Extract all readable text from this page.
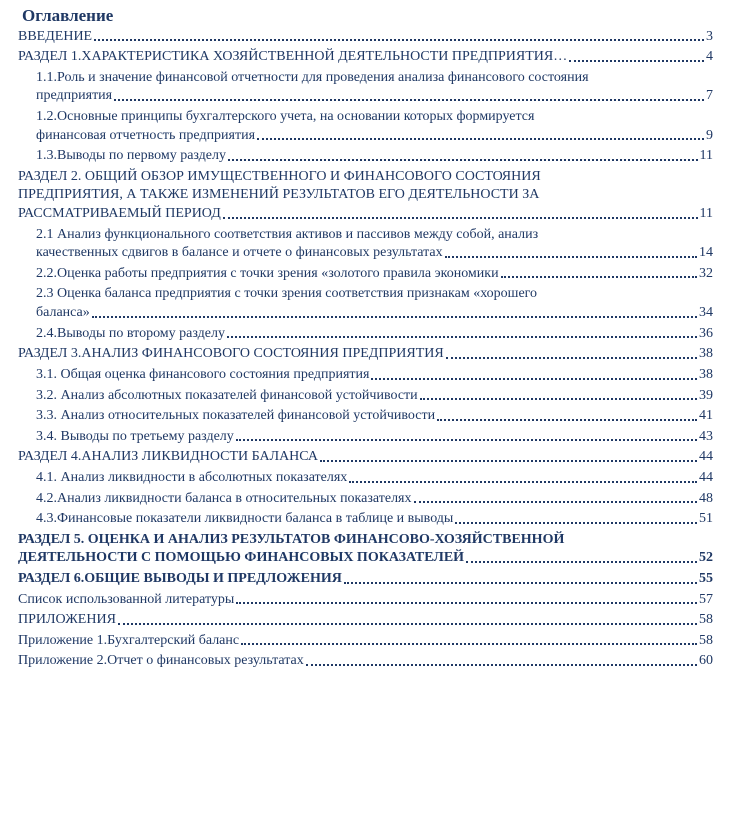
Оглавление
ВВЕДЕНИЕ	3
РАЗДЕЛ 1.ХАРАКТЕРИСТИКА ХОЗЯЙСТВЕННОЙ ДЕЯТЕЛЬНОСТИ ПРЕДПРИЯТИЯ…	4
1.1.Роль и значение финансовой отчетности для проведения анализа финансового состояния
предприятия	7
1.2.Основные принципы бухгалтерского учета, на основании которых формируется
финансовая отчетность предприятия	9
1.3.Выводы по первому разделу	11
РАЗДЕЛ 2. ОБЩИЙ ОБЗОР ИМУЩЕСТВЕННОГО И ФИНАНСОВОГО СОСТОЯНИЯ
ПРЕДПРИЯТИЯ, А ТАКЖЕ ИЗМЕНЕНИЙ РЕЗУЛЬТАТОВ ЕГО ДЕЯТЕЛЬНОСТИ ЗА
РАССМАТРИВАЕМЫЙ ПЕРИОД	11
2.1 Анализ функционального соответствия активов и пассивов между собой, анализ
качественных сдвигов в балансе и отчете о финансовых результатах	14
2.2.Оценка работы предприятия с точки зрения «золотого правила экономики	32
2.3 Оценка баланса предприятия с точки зрения соответствия признакам «хорошего
баланса»	34
2.4.Выводы по второму разделу	36
РАЗДЕЛ 3.АНАЛИЗ ФИНАНСОВОГО СОСТОЯНИЯ ПРЕДПРИЯТИЯ	38
3.1. Общая оценка финансового состояния предприятия	38
3.2. Анализ абсолютных показателей финансовой устойчивости	39
3.3. Анализ относительных показателей финансовой устойчивости	41
3.4. Выводы по третьему разделу	43
РАЗДЕЛ 4.АНАЛИЗ ЛИКВИДНОСТИ БАЛАНСА	44
4.1. Анализ ликвидности в абсолютных показателях	44
4.2.Анализ ликвидности баланса в относительных показателях	48
4.3.Финансовые показатели ликвидности баланса в таблице и выводы	51
РАЗДЕЛ 5. ОЦЕНКА И АНАЛИЗ РЕЗУЛЬТАТОВ ФИНАНСОВО-ХОЗЯЙСТВЕННОЙ
ДЕЯТЕЛЬНОСТИ С ПОМОЩЬЮ ФИНАНСОВЫХ ПОКАЗАТЕЛЕЙ	52
РАЗДЕЛ 6.ОБЩИЕ ВЫВОДЫ И ПРЕДЛОЖЕНИЯ	55
Список использованной литературы	57
ПРИЛОЖЕНИЯ	58
Приложение 1.Бухгалтерский баланс	58
Приложение 2.Отчет о финансовых результатах	60
